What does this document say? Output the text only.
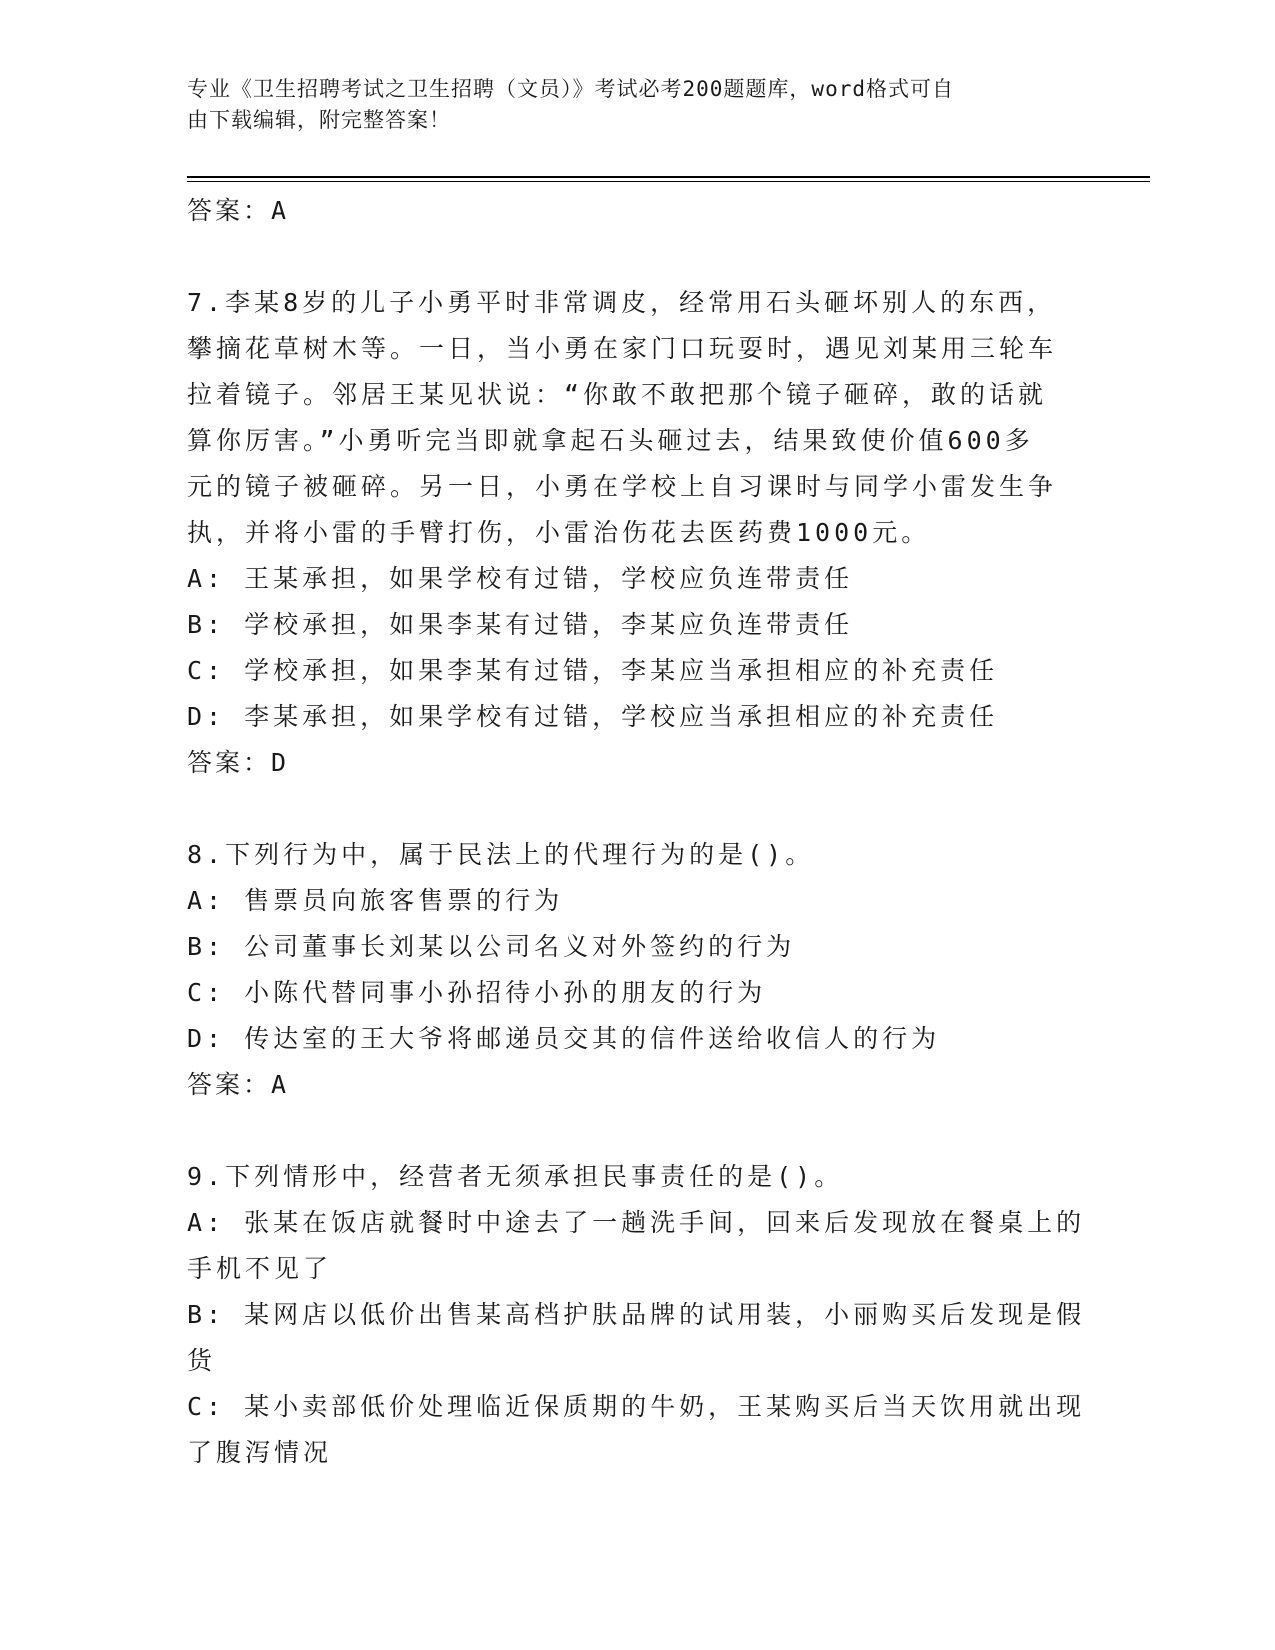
专业《卫生招聘考试之卫生招聘（文员）》考试必考200题题库，word格式可自
由下载编辑，附完整答案！
答案：A
7.李某8岁的儿子小勇平时非常调皮，经常用石头砸坏别人的东西，
攀摘花草树木等。一日，当小勇在家门口玩耍时，遇见刘某用三轮车
拉着镜子。邻居王某见状说：“你敢不敢把那个镜子砸碎，敢的话就
算你厉害。”小勇听完当即就拿起石头砸过去，结果致使价值600多
元的镜子被砸碎。另一日，小勇在学校上自习课时与同学小雷发生争
执，并将小雷的手臂打伤，小雷治伤花去医药费1000元。
A: 王某承担，如果学校有过错，学校应负连带责任
B: 学校承担，如果李某有过错，李某应负连带责任
C: 学校承担，如果李某有过错，李某应当承担相应的补充责任
D: 李某承担，如果学校有过错，学校应当承担相应的补充责任
答案：D
8.下列行为中，属于民法上的代理行为的是()。
A: 售票员向旅客售票的行为
B: 公司董事长刘某以公司名义对外签约的行为
C: 小陈代替同事小孙招待小孙的朋友的行为
D: 传达室的王大爷将邮递员交其的信件送给收信人的行为
答案：A
9.下列情形中，经营者无须承担民事责任的是()。
A: 张某在饭店就餐时中途去了一趟洗手间，回来后发现放在餐桌上的
手机不见了
B: 某网店以低价出售某高档护肤品牌的试用装，小丽购买后发现是假
货
C: 某小卖部低价处理临近保质期的牛奶，王某购买后当天饮用就出现
了腹泻情况
